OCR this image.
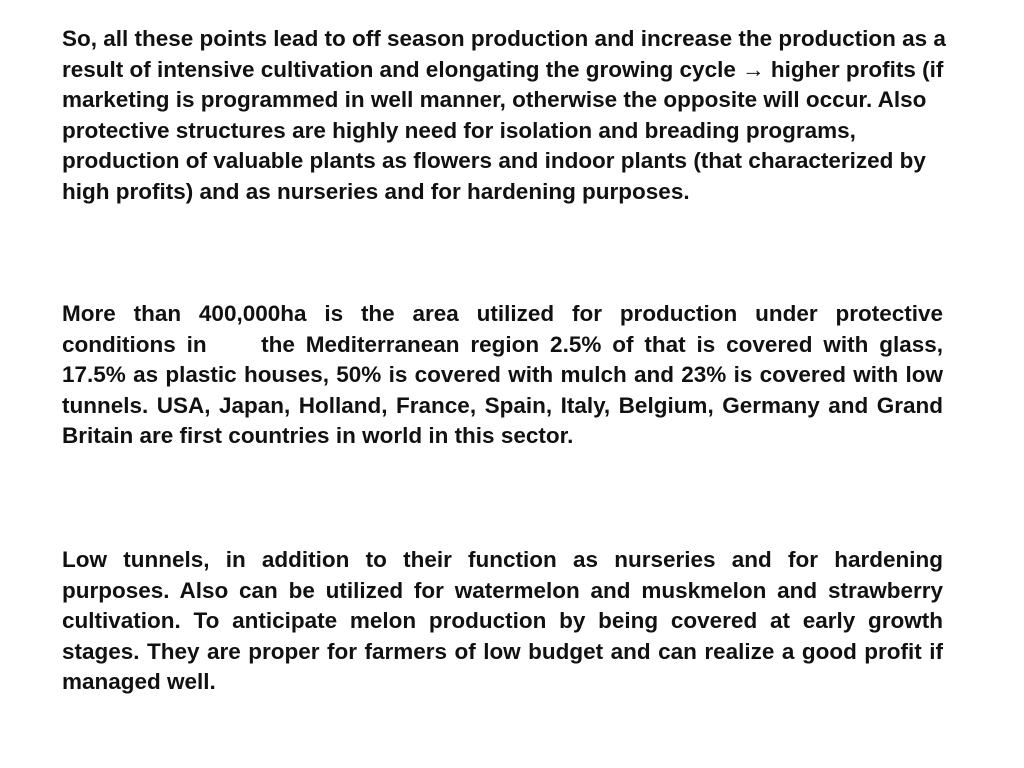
So, all these points lead to off season production and increase the production as a result of intensive cultivation and elongating the growing cycle → higher profits (if marketing is programmed in well manner, otherwise the opposite will occur. Also protective structures are highly need for isolation and breading programs, production of valuable plants as flowers and indoor plants (that characterized by high profits) and as nurseries and for hardening purposes.

More than 400,000ha is the area utilized for production under protective conditions in     the Mediterranean region 2.5% of that is covered with glass, 17.5% as plastic houses, 50% is covered with mulch and 23% is covered with low tunnels. USA, Japan, Holland, France, Spain, Italy, Belgium, Germany and Grand Britain are first countries in world in this sector.

Low tunnels, in addition to their function as nurseries and for hardening purposes. Also can be utilized for watermelon and muskmelon and strawberry cultivation. To anticipate melon production by being covered at early growth stages. They are proper for farmers of low budget and can realize a good profit if managed well.
